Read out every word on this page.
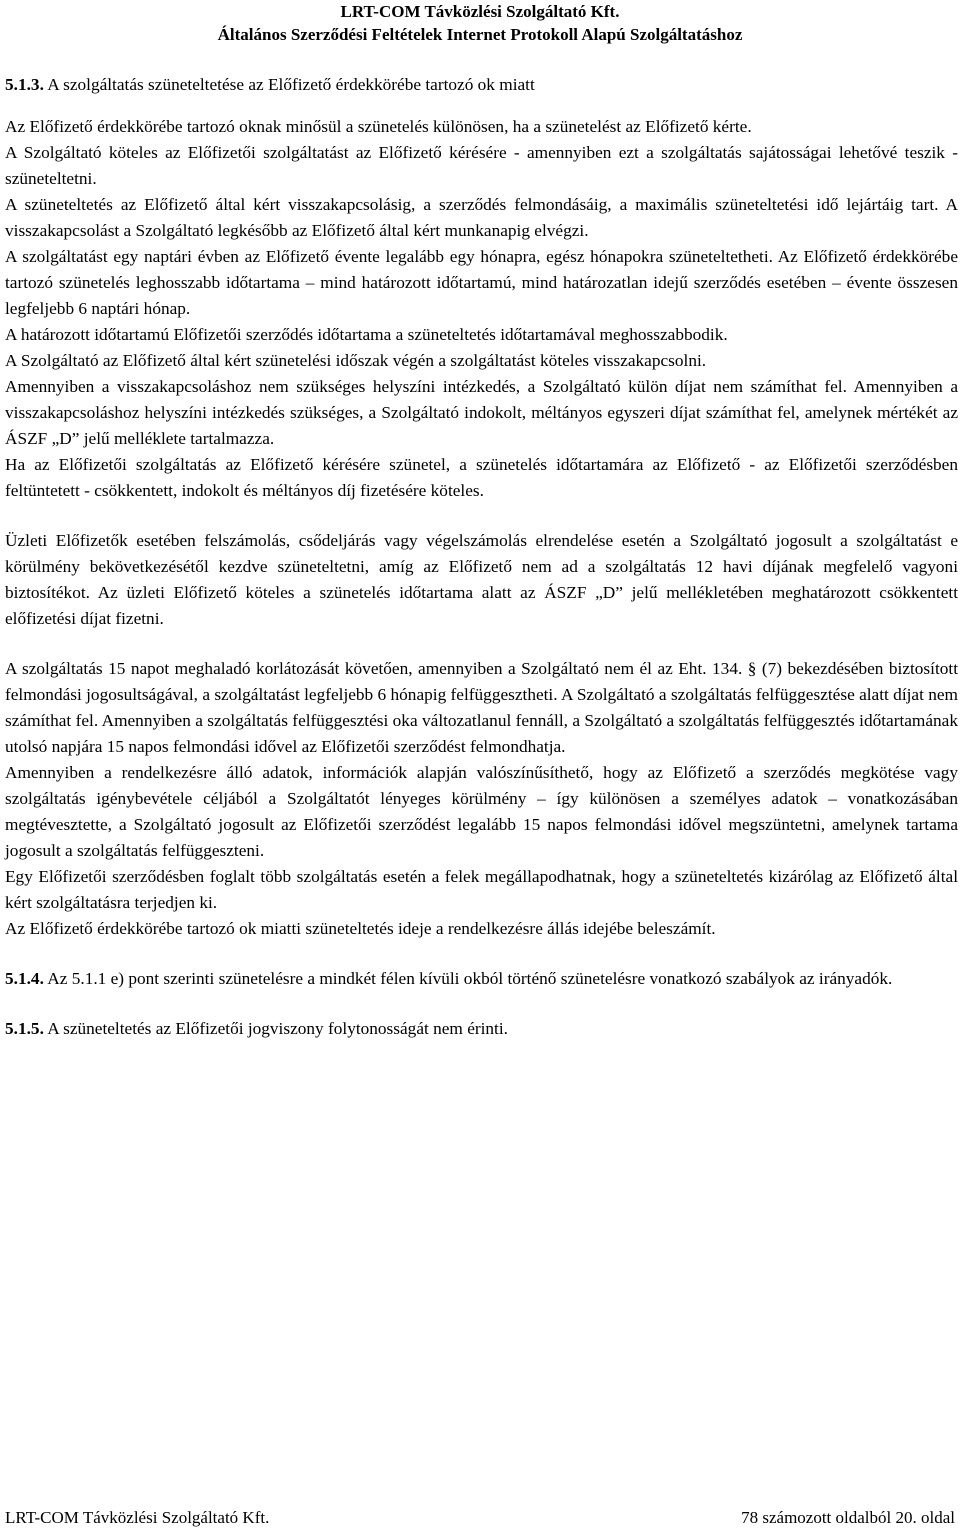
LRT-COM Távközlési Szolgáltató Kft.
Általános Szerződési Feltételek Internet Protokoll Alapú Szolgáltatáshoz

5.1.3. A szolgáltatás szüneteltetése az Előfizető érdekkörébe tartozó ok miatt

Az Előfizető érdekkörébe tartozó oknak minősül a szünetelés különösen, ha a szünetelést az Előfizető kérte.

A Szolgáltató köteles az Előfizetői szolgáltatást az Előfizető kérésére - amennyiben ezt a szolgáltatás sajátosságai lehetővé teszik - szüneteltetni.

A szüneteltetés az Előfizető által kért visszakapcsolásig, a szerződés felmondásáig, a maximális szüneteltetési idő lejártáig tart. A visszakapcsolást a Szolgáltató legkésőbb az Előfizető által kért munkanapig elvégzi.

A szolgáltatást egy naptári évben az Előfizető évente legalább egy hónapra, egész hónapokra szüneteltetheti. Az Előfizető érdekkörébe tartozó szünetelés leghosszabb időtartama – mind határozott időtartamú, mind határozatlan idejű szerződés esetében – évente összesen legfeljebb 6 naptári hónap.

A határozott időtartamú Előfizetői szerződés időtartama a szüneteltetés időtartamával meghosszabbodik.

A Szolgáltató az Előfizető által kért szünetelési időszak végén a szolgáltatást köteles visszakapcsolni.

Amennyiben a visszakapcsoláshoz nem szükséges helyszíni intézkedés, a Szolgáltató külön díjat nem számíthat fel. Amennyiben a visszakapcsoláshoz helyszíni intézkedés szükséges, a Szolgáltató indokolt, méltányos egyszeri díjat számíthat fel, amelynek mértékét az ÁSZF „D” jelű melléklete tartalmazza.

Ha az Előfizetői szolgáltatás az Előfizető kérésére szünetel, a szünetelés időtartamára az Előfizető - az Előfizetői szerződésben feltüntetett - csökkentett, indokolt és méltányos díj fizetésére köteles.

Üzleti Előfizetők esetében felszámolás, csődeljárás vagy végelszámolás elrendelése esetén a Szolgáltató jogosult a szolgáltatást e körülmény bekövetkezésétől kezdve szüneteltetni, amíg az Előfizető nem ad a szolgáltatás 12 havi díjának megfelelő vagyoni biztosítékot. Az üzleti Előfizető köteles a szünetelés időtartama alatt az ÁSZF „D” jelű mellékletében meghatározott csökkentett előfizetési díjat fizetni.

A szolgáltatás 15 napot meghaladó korlátozását követően, amennyiben a Szolgáltató nem él az Eht. 134. § (7) bekezdésében biztosított felmondási jogosultságával, a szolgáltatást legfeljebb 6 hónapig felfüggesztheti. A Szolgáltató a szolgáltatás felfüggesztése alatt díjat nem számíthat fel. Amennyiben a szolgáltatás felfüggesztési oka változatlanul fennáll, a Szolgáltató a szolgáltatás felfüggesztés időtartamának utolsó napjára 15 napos felmondási idővel az Előfizetői szerződést felmondhatja.

Amennyiben a rendelkezésre álló adatok, információk alapján valószínűsíthető, hogy az Előfizető a szerződés megkötése vagy szolgáltatás igénybevétele céljából a Szolgáltatót lényeges körülmény – így különösen a személyes adatok – vonatkozásában megtévesztette, a Szolgáltató jogosult az Előfizetői szerződést legalább 15 napos felmondási idővel megszüntetni, amelynek tartama jogosult a szolgáltatás felfüggeszteni.

Egy Előfizetői szerződésben foglalt több szolgáltatás esetén a felek megállapodhatnak, hogy a szüneteltetés kizárólag az Előfizető által kért szolgáltatásra terjedjen ki.

Az Előfizető érdekkörébe tartozó ok miatti szüneteltetés ideje a rendelkezésre állás idejébe beleszámít.

5.1.4. Az 5.1.1 e) pont szerinti szünetelésre a mindkét félen kívüli okból történő szünetelésre vonatkozó szabályok az irányadók.

5.1.5. A szüneteltetés az Előfizetői jogviszony folytonosságát nem érinti.

LRT-COM Távközlési Szolgáltató Kft.	78 számozott oldalból 20. oldal
